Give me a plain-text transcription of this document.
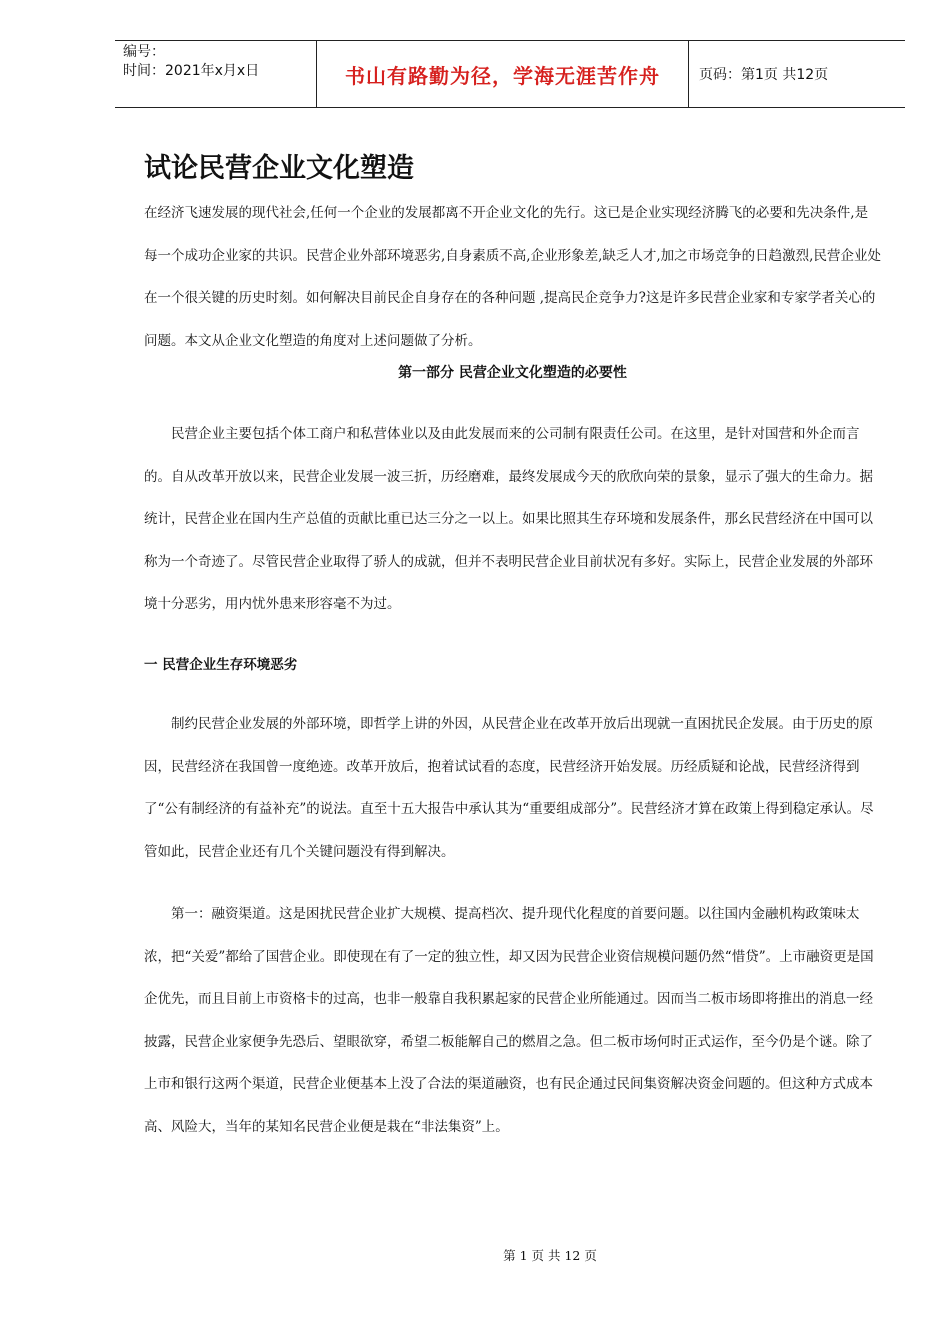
编号：
时间：2021年x月x日	书山有路勤为径，学海无涯苦作舟	页码：第1页 共12页
试论民营企业文化塑造
在经济飞速发展的现代社会,任何一个企业的发展都离不开企业文化的先行。这已是企业实现经济腾飞的必要和先决条件,是每一个成功企业家的共识。民营企业外部环境恶劣,自身素质不高,企业形象差,缺乏人才,加之市场竞争的日趋激烈,民营企业处在一个很关键的历史时刻。如何解决目前民企自身存在的各种问题 ,提高民企竞争力?这是许多民营企业家和专家学者关心的问题。本文从企业文化塑造的角度对上述问题做了分析。
第一部分 民营企业文化塑造的必要性
民营企业主要包括个体工商户和私营体业以及由此发展而来的公司制有限责任公司。在这里，是针对国营和外企而言的。自从改革开放以来，民营企业发展一波三折，历经磨难，最终发展成今天的欣欣向荣的景象，显示了强大的生命力。据统计，民营企业在国内生产总值的贡献比重已达三分之一以上。如果比照其生存环境和发展条件，那幺民营经济在中国可以称为一个奇迹了。尽管民营企业取得了骄人的成就，但并不表明民营企业目前状况有多好。实际上，民营企业发展的外部环境十分恶劣，用内忧外患来形容毫不为过。
一 民营企业生存环境恶劣
制约民营企业发展的外部环境，即哲学上讲的外因，从民营企业在改革开放后出现就一直困扰民企发展。由于历史的原因，民营经济在我国曾一度绝迹。改革开放后，抱着试试看的态度，民营经济开始发展。历经质疑和论战，民营经济得到了“公有制经济的有益补充”的说法。直至十五大报告中承认其为“重要组成部分”。民营经济才算在政策上得到稳定承认。尽管如此，民营企业还有几个关键问题没有得到解决。
第一：融资渠道。这是困扰民营企业扩大规模、提高档次、提升现代化程度的首要问题。以往国内金融机构政策味太浓，把“关爱”都给了国营企业。即使现在有了一定的独立性，却又因为民营企业资信规模问题仍然“惜贷”。上市融资更是国企优先，而且目前上市资格卡的过高，也非一般靠自我积累起家的民营企业所能通过。因而当二板市场即将推出的消息一经披露，民营企业家便争先恐后、望眼欲穿，希望二板能解自己的燃眉之急。但二板市场何时正式运作，至今仍是个谜。除了上市和银行这两个渠道，民营企业便基本上没了合法的渠道融资，也有民企通过民间集资解决资金问题的。但这种方式成本高、风险大，当年的某知名民营企业便是栽在“非法集资”上。
第 1 页 共 12 页
